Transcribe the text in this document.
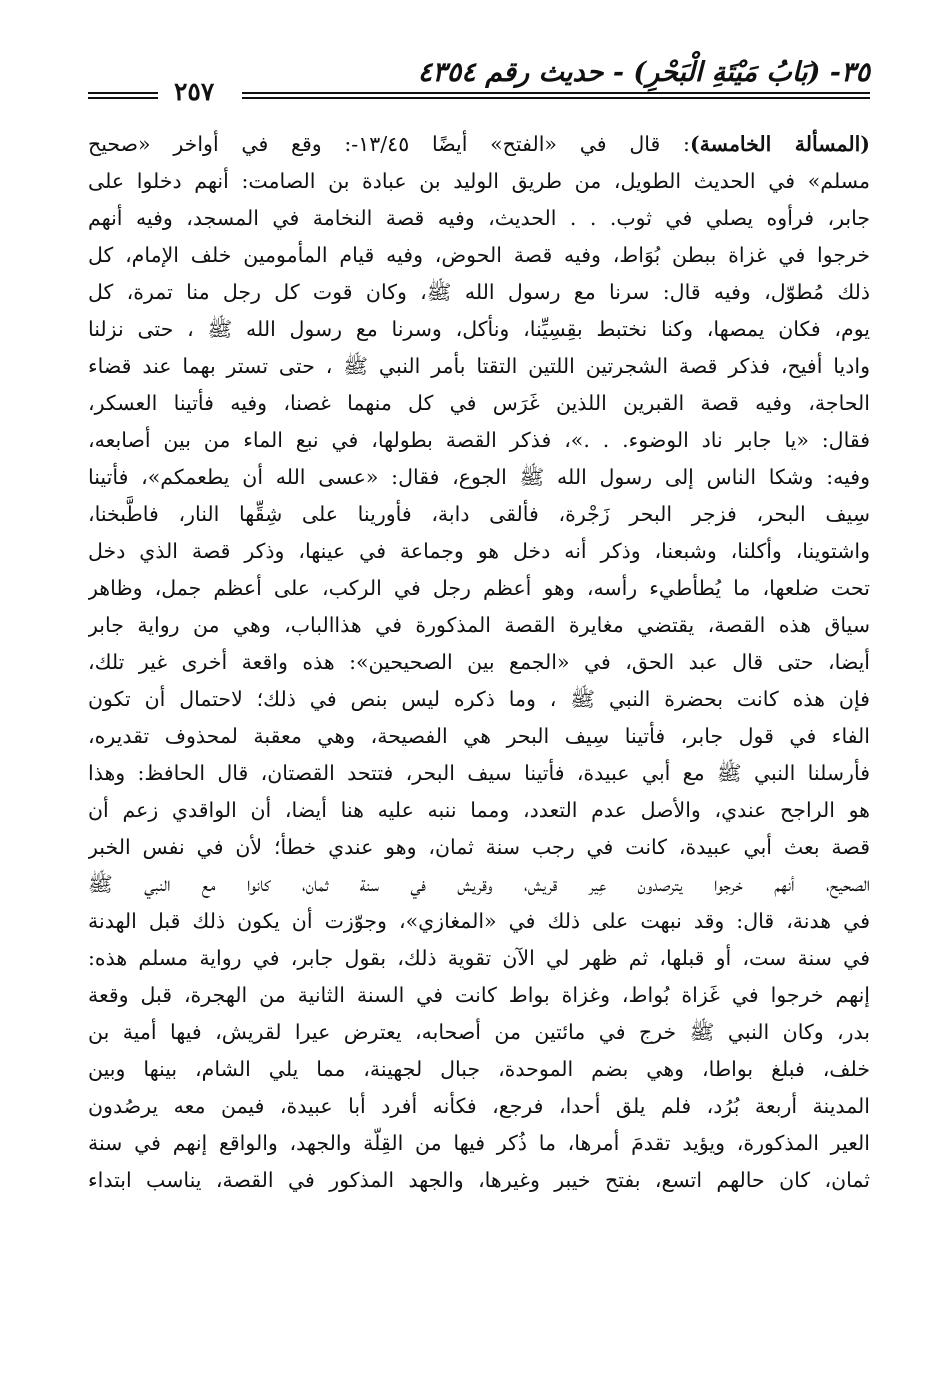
٣٥- (بَابُ مَيْتَةِ الْبَحْرِ) - حديث رقم ٤٣٥٤
٢٥٧
(المسألة الخامسة): قال في «الفتح» أيضًا ١٣/٤٥-: وقع في أواخر «صحيح
مسلم» في الحديث الطويل، من طريق الوليد بن عبادة بن الصامت: أنهم دخلوا على
جابر، فرأوه يصلي في ثوب. . . الحديث، وفيه قصة النخامة في المسجد، وفيه أنهم
خرجوا في غزاة ببطن بُوَاط، وفيه قصة الحوض، وفيه قيام المأمومين خلف الإمام، كل
ذلك مُطوّل، وفيه قال: سرنا مع رسول الله ﷺ، وكان قوت كل رجل منا تمرة، كل
يوم، فكان يمصها، وكنا نختبط بقِسِيِّنا، ونأكل، وسرنا مع رسول الله ﷺ ، حتى نزلنا
واديا أفيح، فذكر قصة الشجرتين اللتين التقتا بأمر النبي ﷺ ، حتى تستر بهما عند قضاء
الحاجة، وفيه قصة القبرين اللذين غَرَس في كل منهما غصنا، وفيه فأتينا العسكر،
فقال: «يا جابر ناد الوضوء. . .»، فذكر القصة بطولها، في نبع الماء من بين أصابعه،
وفيه: وشكا الناس إلى رسول الله ﷺ الجوع، فقال: «عسى الله أن يطعمكم»، فأتينا
سِيف البحر، فزجر البحر زَجْرة، فألقى دابة، فأورينا على شِقِّها النار، فاطَّبخنا،
واشتوينا، وأكلنا، وشبعنا، وذكر أنه دخل هو وجماعة في عينها، وذكر قصة الذي دخل
تحت ضلعها، ما يُطأطيء رأسه، وهو أعظم رجل في الركب، على أعظم جمل، وظاهر
سياق هذه القصة، يقتضي مغايرة القصة المذكورة في هذاالباب، وهي من رواية جابر
أيضا، حتى قال عبد الحق، في «الجمع بين الصحيحين»: هذه واقعة أخرى غير تلك،
فإن هذه كانت بحضرة النبي ﷺ ، وما ذكره ليس بنص في ذلك؛ لاحتمال أن تكون
الفاء في قول جابر، فأتينا سِيف البحر هي الفصيحة، وهي معقبة لمحذوف تقديره،
فأرسلنا النبي ﷺ مع أبي عبيدة، فأتينا سيف البحر، فتتحد القصتان، قال الحافظ: وهذا
هو الراجح عندي، والأصل عدم التعدد، ومما ننبه عليه هنا أيضا، أن الواقدي زعم أن
قصة بعث أبي عبيدة، كانت في رجب سنة ثمان، وهو عندي خطأ؛ لأن في نفس الخبر
الصحيح، أنهم خرجوا يترصدون عِير قريش، وقريش في سنة ثمان، كانوا مع النبي ﷺ
في هدنة، قال: وقد نبهت على ذلك في «المغازي»، وجوّزت أن يكون ذلك قبل الهدنة
في سنة ست، أو قبلها، ثم ظهر لي الآن تقوية ذلك، بقول جابر، في رواية مسلم هذه:
إنهم خرجوا في غَزاة بُواط، وغزاة بواط كانت في السنة الثانية من الهجرة، قبل وقعة
بدر، وكان النبي ﷺ خرج في مائتين من أصحابه، يعترض عيرا لقريش، فيها أمية بن
خلف، فبلغ بواطا، وهي بضم الموحدة، جبال لجهينة، مما يلي الشام، بينها وبين
المدينة أربعة بُرُد، فلم يلق أحدا، فرجع، فكأنه أفرد أبا عبيدة، فيمن معه يرصُدون
العير المذكورة، ويؤيد تقدمَ أمرها، ما ذُكر فيها من القِلّة والجهد، والواقع إنهم في سنة
ثمان، كان حالهم اتسع، بفتح خيبر وغيرها، والجهد المذكور في القصة، يناسب ابتداء
